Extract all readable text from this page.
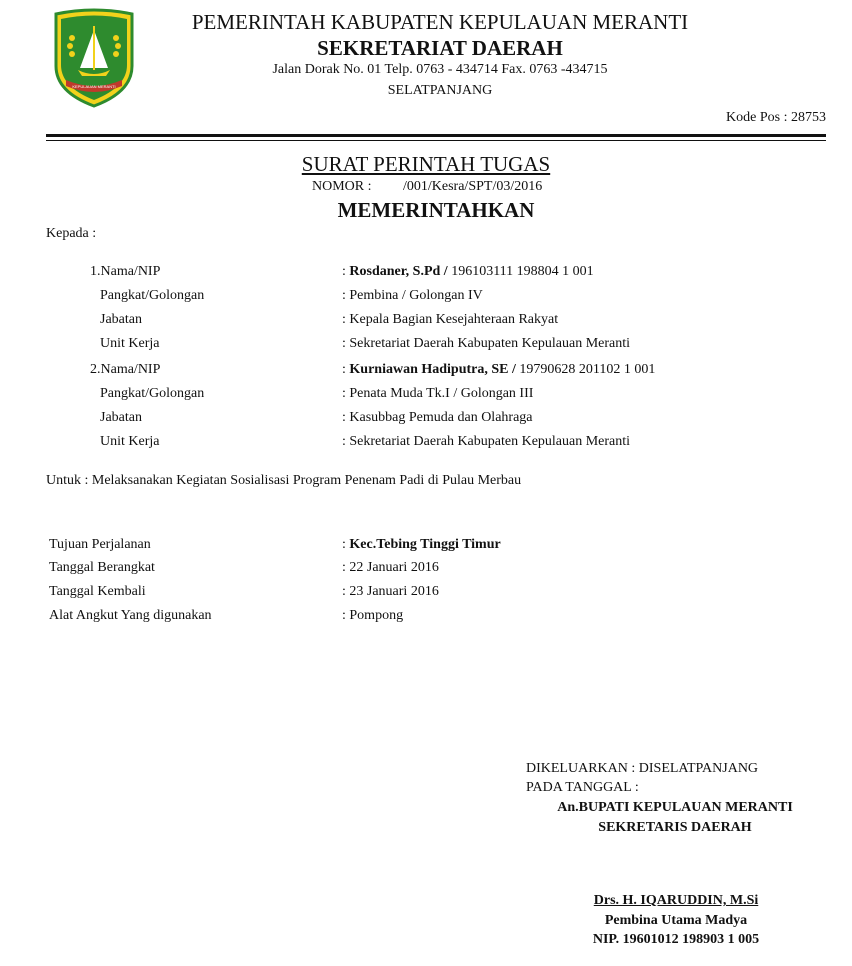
KEPULAUAN MERANTI
PEMERINTAH KABUPATEN KEPULAUAN MERANTI
SEKRETARIAT DAERAH
Jalan Dorak No. 01 Telp. 0763 - 434714 Fax. 0763 -434715
SELATPANJANG
Kode Pos : 28753
SURAT PERINTAH TUGAS
NOMOR : /001/Kesra/SPT/03/2016
MEMERINTAHKAN
Kepada :
1.Nama/NIP	: Rosdaner, S.Pd / 196103111 198804 1 001
Pangkat/Golongan	: Pembina / Golongan IV
Jabatan	: Kepala Bagian Kesejahteraan Rakyat
Unit Kerja	: Sekretariat Daerah Kabupaten Kepulauan Meranti
2.Nama/NIP	: Kurniawan Hadiputra, SE / 19790628 201102 1 001
Pangkat/Golongan	: Penata Muda Tk.I / Golongan III
Jabatan	: Kasubbag Pemuda dan Olahraga
Unit Kerja	: Sekretariat Daerah Kabupaten Kepulauan Meranti
Untuk : Melaksanakan Kegiatan Sosialisasi Program Penenam Padi di Pulau Merbau
Tujuan Perjalanan	: Kec.Tebing Tinggi Timur
Tanggal Berangkat	: 22 Januari 2016
Tanggal Kembali	: 23 Januari 2016
Alat Angkut Yang digunakan	: Pompong
DIKELUARKAN : DISELATPANJANG
PADA TANGGAL :
An.BUPATI KEPULAUAN MERANTI
SEKRETARIS DAERAH
Drs. H. IQARUDDIN, M.Si
Pembina Utama Madya
NIP. 19601012 198903 1 005
